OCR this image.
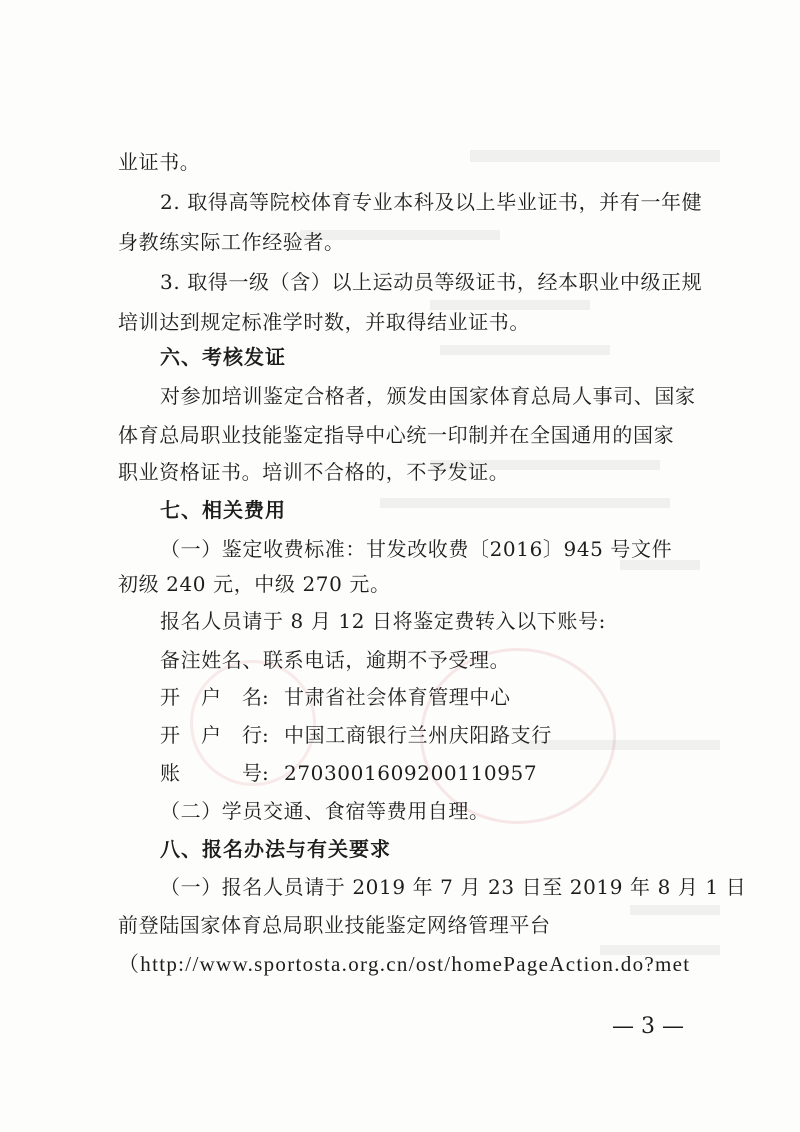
业证书。
2. 取得高等院校体育专业本科及以上毕业证书，并有一年健
身教练实际工作经验者。
3. 取得一级（含）以上运动员等级证书，经本职业中级正规
培训达到规定标准学时数，并取得结业证书。
六、考核发证
对参加培训鉴定合格者，颁发由国家体育总局人事司、国家
体育总局职业技能鉴定指导中心统一印制并在全国通用的国家
职业资格证书。培训不合格的，不予发证。
七、相关费用
（一）鉴定收费标准：甘发改收费〔2016〕945 号文件
初级 240 元，中级 270 元。
报名人员请于 8 月 12 日将鉴定费转入以下账号:
备注姓名、联系电话，逾期不予受理。
开 户 名: 甘肃省社会体育管理中心
开 户 行: 中国工商银行兰州庆阳路支行
账	号: 2703001609200110957
（二）学员交通、食宿等费用自理。
八、报名办法与有关要求
（一）报名人员请于 2019 年 7 月 23 日至 2019 年 8 月 1 日
前登陆国家体育总局职业技能鉴定网络管理平台
（http://www.sportosta.org.cn/ost/homePageAction.do?met
— 3 —
